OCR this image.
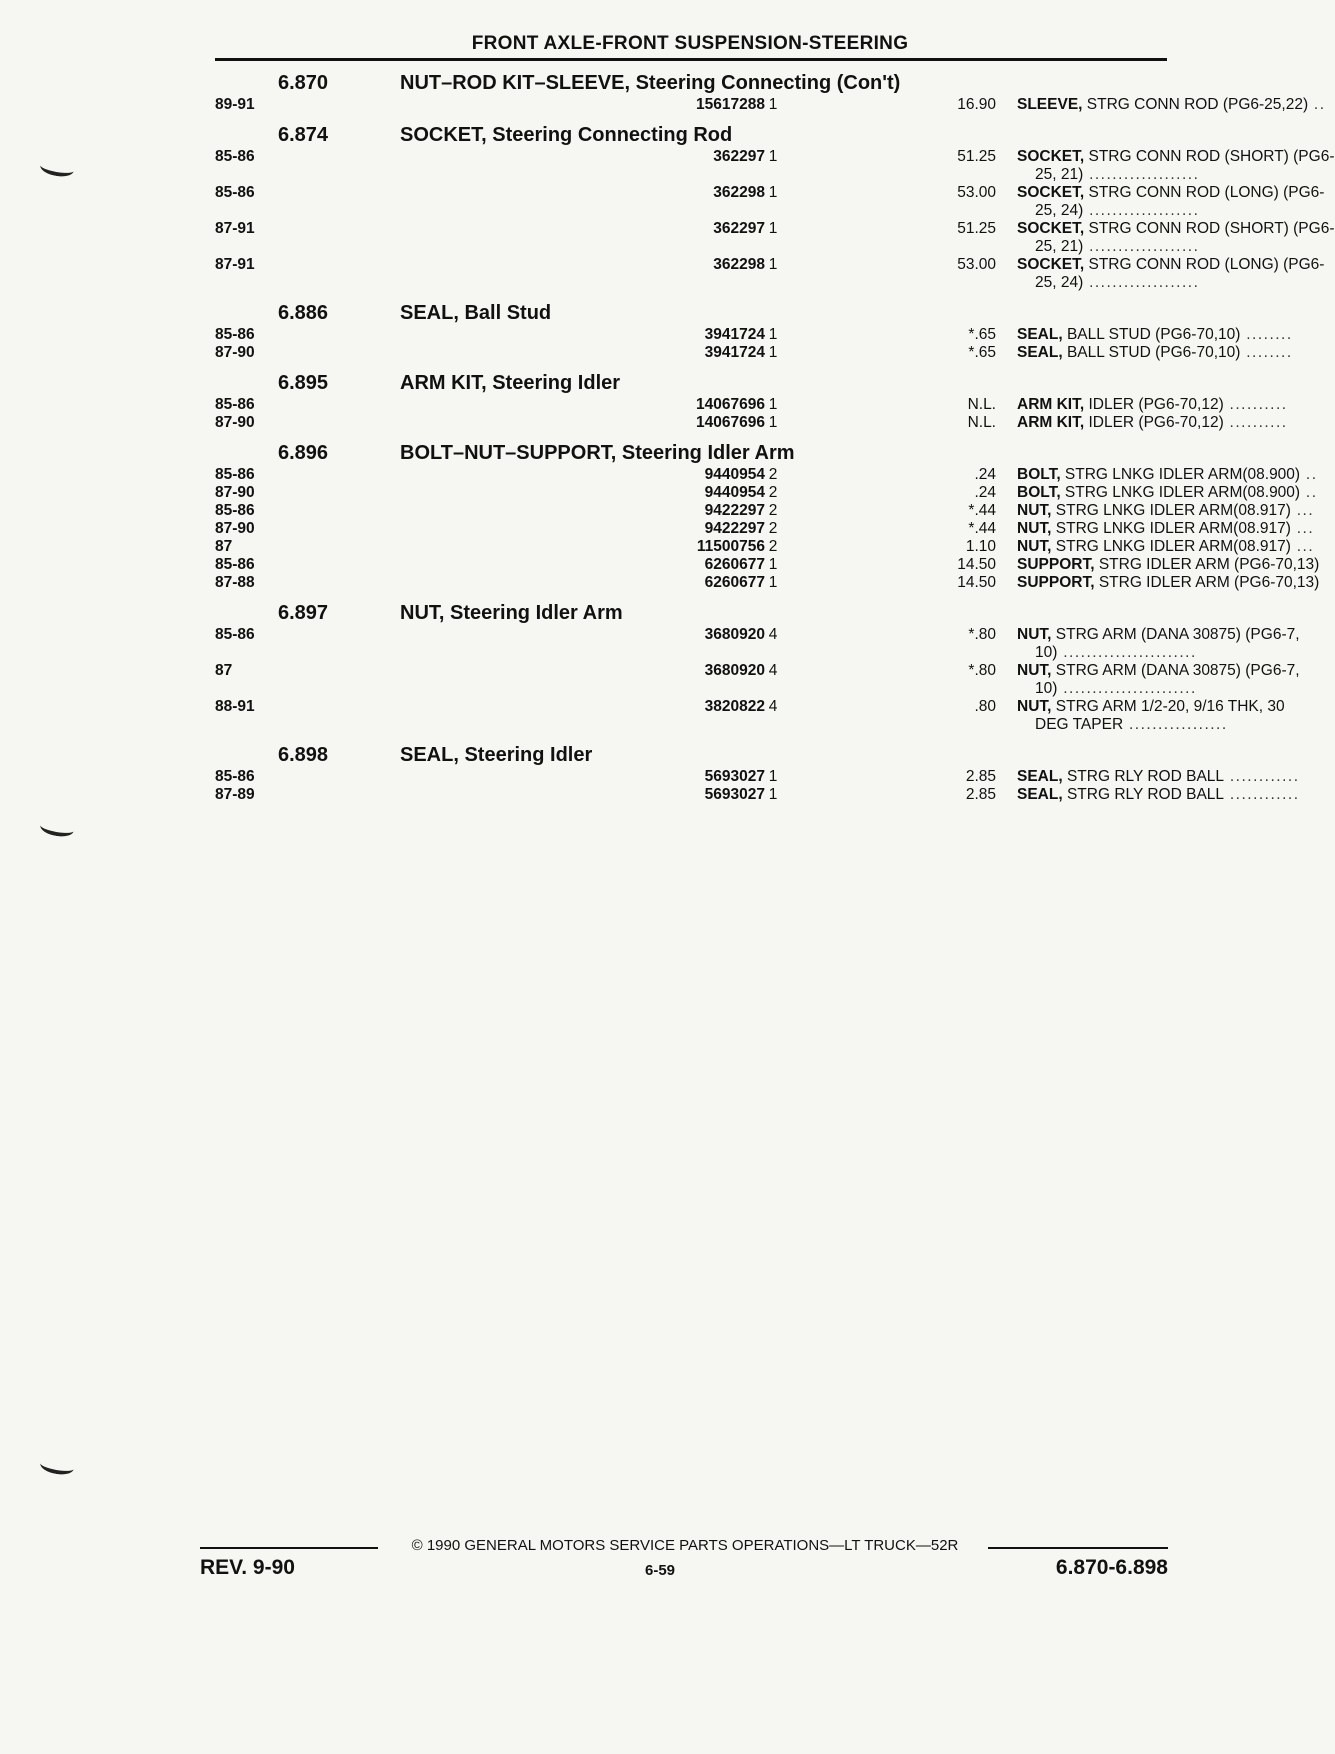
FRONT AXLE-FRONT SUSPENSION-STEERING
6.870	NUT–ROD KIT–SLEEVE, Steering Connecting (Con't)
89-91	15617288 1	16.90	SLEEVE, STRG CONN ROD (PG6-25,22) ..
6.874	SOCKET, Steering Connecting Rod
85-86	362297 1	51.25	SOCKET, STRG CONN ROD (SHORT) (PG6-
25, 21) ...................
85-86	362298 1	53.00	SOCKET, STRG CONN ROD (LONG) (PG6-
25, 24) ...................
87-91	362297 1	51.25	SOCKET, STRG CONN ROD (SHORT) (PG6-
25, 21) ...................
87-91	362298 1	53.00	SOCKET, STRG CONN ROD (LONG) (PG6-
25, 24) ...................
6.886	SEAL, Ball Stud
85-86	3941724 1	*.65	SEAL, BALL STUD (PG6-70,10) ........
87-90	3941724 1	*.65	SEAL, BALL STUD (PG6-70,10) ........
6.895	ARM KIT, Steering Idler
85-86	14067696 1	N.L.	ARM KIT, IDLER (PG6-70,12) ..........
87-90	14067696 1	N.L.	ARM KIT, IDLER (PG6-70,12) ..........
6.896	BOLT–NUT–SUPPORT, Steering Idler Arm
85-86	9440954 2	.24	BOLT, STRG LNKG IDLER ARM(08.900) ..
87-90	9440954 2	.24	BOLT, STRG LNKG IDLER ARM(08.900) ..
85-86	9422297 2	*.44	NUT, STRG LNKG IDLER ARM(08.917) ...
87-90	9422297 2	*.44	NUT, STRG LNKG IDLER ARM(08.917) ...
87	11500756 2	1.10	NUT, STRG LNKG IDLER ARM(08.917) ...
85-86	6260677 1	14.50	SUPPORT, STRG IDLER ARM (PG6-70,13)
87-88	6260677 1	14.50	SUPPORT, STRG IDLER ARM (PG6-70,13)
6.897	NUT, Steering Idler Arm
85-86	3680920 4	*.80	NUT, STRG ARM (DANA 30875) (PG6-7,
10) .......................
87	3680920 4	*.80	NUT, STRG ARM (DANA 30875) (PG6-7,
10) .......................
88-91	3820822 4	.80	NUT, STRG ARM 1/2-20, 9/16 THK, 30
DEG TAPER .................
6.898	SEAL, Steering Idler
85-86	5693027 1	2.85	SEAL, STRG RLY ROD BALL ............
87-89	5693027 1	2.85	SEAL, STRG RLY ROD BALL ............
© 1990 GENERAL MOTORS SERVICE PARTS OPERATIONS—LT TRUCK—52R
6-59
REV. 9-90	6.870-6.898
